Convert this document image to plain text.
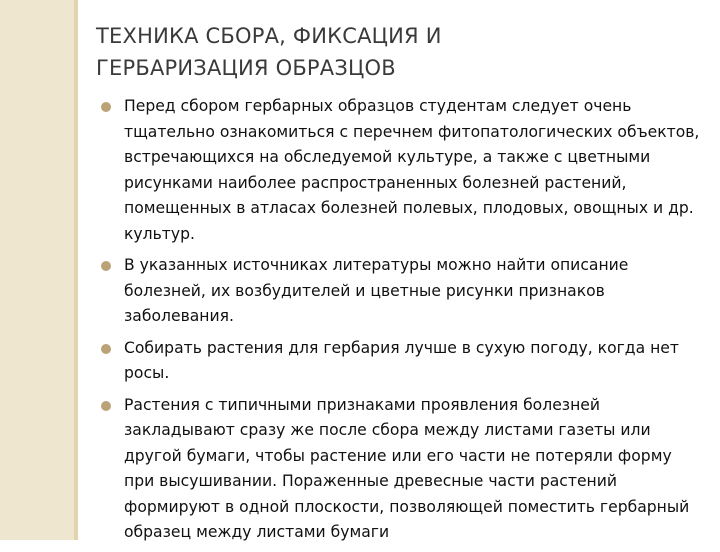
ТЕХНИКА СБОРА, ФИКСАЦИЯ И
ГЕРБАРИЗАЦИЯ ОБРАЗЦОВ
Перед сбором гербарных образцов студентам следует очень тщательно ознакомиться с перечнем фитопатологических объектов, встречающихся на обследуемой культуре, а также с цветными рисунками наиболее распространенных болезней растений, помещенных в атласах болезней полевых, плодовых, овощных и др. культур.
В указанных источниках литературы можно найти описание болезней, их возбудителей и цветные рисунки признаков заболевания.
Собирать растения для гербария лучше в сухую погоду, когда нет росы.
Растения с типичными признаками проявления болезней закладывают сразу же после сбора между листами газеты или другой бумаги, чтобы растение или его части не потеряли форму при высушивании. Пораженные древесные части растений формируют в одной плоскости, позволяющей поместить гербарный образец между листами бумаги
